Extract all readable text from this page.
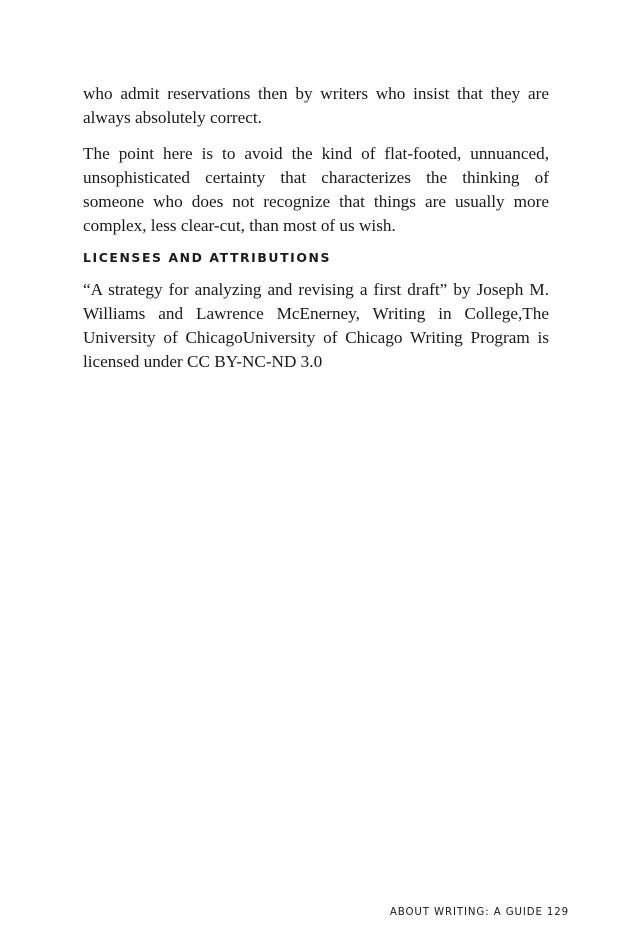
who admit reservations then by writers who insist that they are always absolutely correct.

The point here is to avoid the kind of flat-footed, unnuanced, unsophisticated certainty that characterizes the thinking of someone who does not recognize that things are usually more complex, less clear-cut, than most of us wish.

LICENSES AND ATTRIBUTIONS

“A strategy for analyzing and revising a first draft” by Joseph M. Williams and Lawrence McEnerney, Writing in College,The University of ChicagoUniversity of Chicago Writing Program is licensed under CC BY-NC-ND 3.0

ABOUT WRITING: A GUIDE 129
